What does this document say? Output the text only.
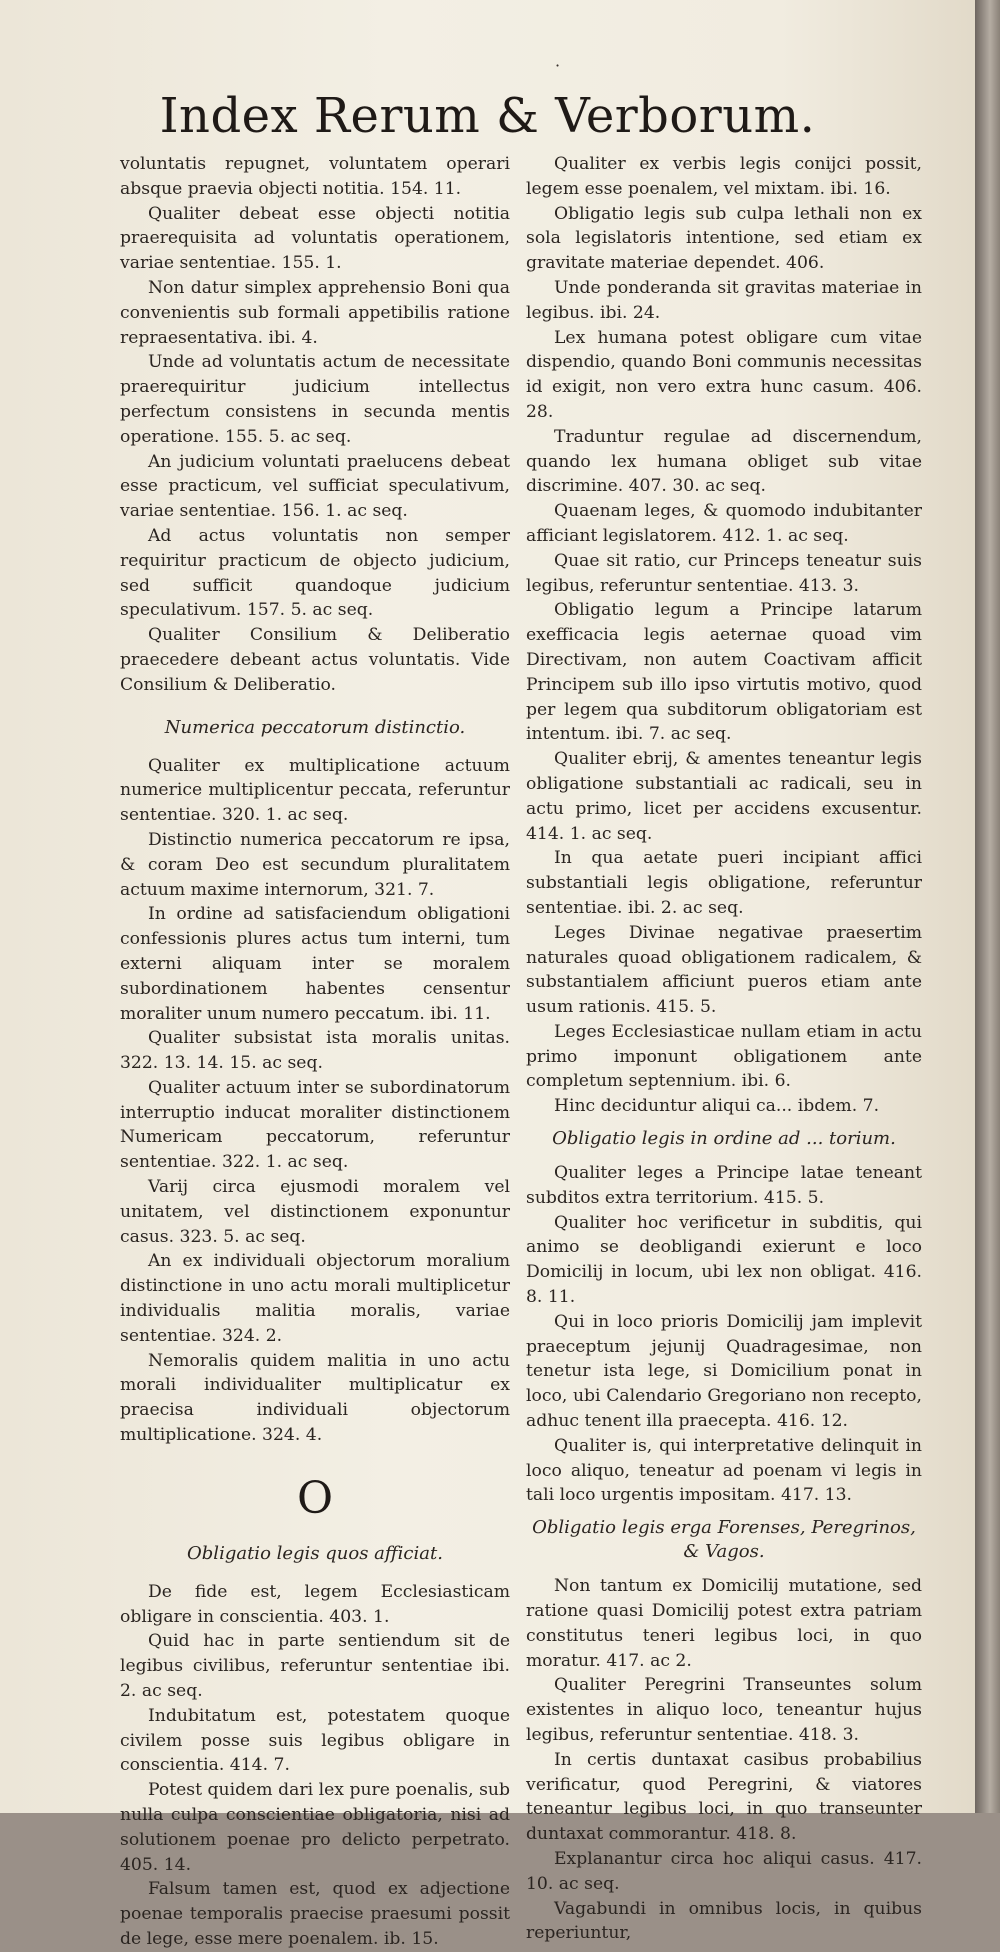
·
Index Rerum & Verborum.

voluntatis repugnet, voluntatem operari absque praevia objecti notitia. 154. 11.

Qualiter debeat esse objecti notitia praerequisita ad voluntatis operationem, variae sententiae. 155. 1.

Non datur simplex apprehensio Boni qua convenientis sub formali appetibilis ratione repraesentativa. ibi. 4.

Unde ad voluntatis actum de necessitate praerequiritur judicium intellectus perfectum consistens in secunda mentis operatione. 155. 5. ac seq.

An judicium voluntati praelucens debeat esse practicum, vel sufficiat speculativum, variae sententiae. 156. 1. ac seq.

Ad actus voluntatis non semper requiritur practicum de objecto judicium, sed sufficit quandoque judicium speculativum. 157. 5. ac seq.

Qualiter Consilium & Deliberatio praecedere debeant actus voluntatis. Vide Consilium & Deliberatio.

Numerica peccatorum distinctio.

Qualiter ex multiplicatione actuum numerice multiplicentur peccata, referuntur sententiae. 320. 1. ac seq.

Distinctio numerica peccatorum re ipsa, & coram Deo est secundum pluralitatem actuum maxime internorum, 321. 7.

In ordine ad satisfaciendum obligationi confessionis plures actus tum interni, tum externi aliquam inter se moralem subordinationem habentes censentur moraliter unum numero peccatum. ibi. 11.

Qualiter subsistat ista moralis unitas. 322. 13. 14. 15. ac seq.

Qualiter actuum inter se subordinatorum interruptio inducat moraliter distinctionem Numericam peccatorum, referuntur sententiae. 322. 1. ac seq.

Varij circa ejusmodi moralem vel unitatem, vel distinctionem exponuntur casus. 323. 5. ac seq.

An ex individuali objectorum moralium distinctione in uno actu morali multiplicetur individualis malitia moralis, variae sententiae. 324. 2.

Nemoralis quidem malitia in uno actu morali individualiter multiplicatur ex praecisa individuali objectorum multiplicatione. 324. 4.

O
Obligatio legis quos afficiat.

De fide est, legem Ecclesiasticam obligare in conscientia. 403. 1.

Quid hac in parte sentiendum sit de legibus civilibus, referuntur sententiae ibi. 2. ac seq.

Indubitatum est, potestatem quoque civilem posse suis legibus obligare in conscientia. 414. 7.

Potest quidem dari lex pure poenalis, sub nulla culpa conscientiae obligatoria, nisi ad solutionem poenae pro delicto perpetrato. 405. 14.

Falsum tamen est, quod ex adjectione poenae temporalis praecise praesumi possit de lege, esse mere poenalem. ib. 15.

Qualiter ex verbis legis conijci possit, legem esse poenalem, vel mixtam. ibi. 16.

Obligatio legis sub culpa lethali non ex sola legislatoris intentione, sed etiam ex gravitate materiae dependet. 406.

Unde ponderanda sit gravitas materiae in legibus. ibi. 24.

Lex humana potest obligare cum vitae dispendio, quando Boni communis necessitas id exigit, non vero extra hunc casum. 406. 28.

Traduntur regulae ad discernendum, quando lex humana obliget sub vitae discrimine. 407. 30. ac seq.

Quaenam leges, & quomodo indubitanter afficiant legislatorem. 412. 1. ac seq.

Quae sit ratio, cur Princeps teneatur suis legibus, referuntur sententiae. 413. 3.

Obligatio legum a Principe latarum exefficacia legis aeternae quoad vim Directivam, non autem Coactivam afficit Principem sub illo ipso virtutis motivo, quod per legem qua subditorum obligatoriam est intentum. ibi. 7. ac seq.

Qualiter ebrij, & amentes teneantur legis obligatione substantiali ac radicali, seu in actu primo, licet per accidens excusentur. 414. 1. ac seq.

In qua aetate pueri incipiant affici substantiali legis obligatione, referuntur sententiae. ibi. 2. ac seq.

Leges Divinae negativae praesertim naturales quoad obligationem radicalem, & substantialem afficiunt pueros etiam ante usum rationis. 415. 5.

Leges Ecclesiasticae nullam etiam in actu primo imponunt obligationem ante completum septennium. ibi. 6.

Hinc deciduntur aliqui ca... ibdem. 7.

Obligatio legis in ordine ad ... torium.

Qualiter leges a Principe latae teneant subditos extra territorium. 415. 5.

Qualiter hoc verificetur in subditis, qui animo se deobligandi exierunt e loco Domicilij in locum, ubi lex non obligat. 416. 8. 11.

Qui in loco prioris Domicilij jam implevit praeceptum jejunij Quadragesimae, non tenetur ista lege, si Domicilium ponat in loco, ubi Calendario Gregoriano non recepto, adhuc tenent illa praecepta. 416. 12.

Qualiter is, qui interpretative delinquit in loco aliquo, teneatur ad poenam vi legis in tali loco urgentis impositam. 417. 13.

Obligatio legis erga Forenses, Peregrinos, & Vagos.

Non tantum ex Domicilij mutatione, sed ratione quasi Domicilij potest extra patriam constitutus teneri legibus loci, in quo moratur. 417. ac 2.

Qualiter Peregrini Transeuntes solum existentes in aliquo loco, teneantur hujus legibus, referuntur sententiae. 418. 3.

In certis duntaxat casibus probabilius verificatur, quod Peregrini, & viatores teneantur legibus loci, in quo transeunter duntaxat commorantur. 418. 8.

Explanantur circa hoc aliqui casus. 417. 10. ac seq.

Vagabundi in omnibus locis, in quibus reperiuntur,
